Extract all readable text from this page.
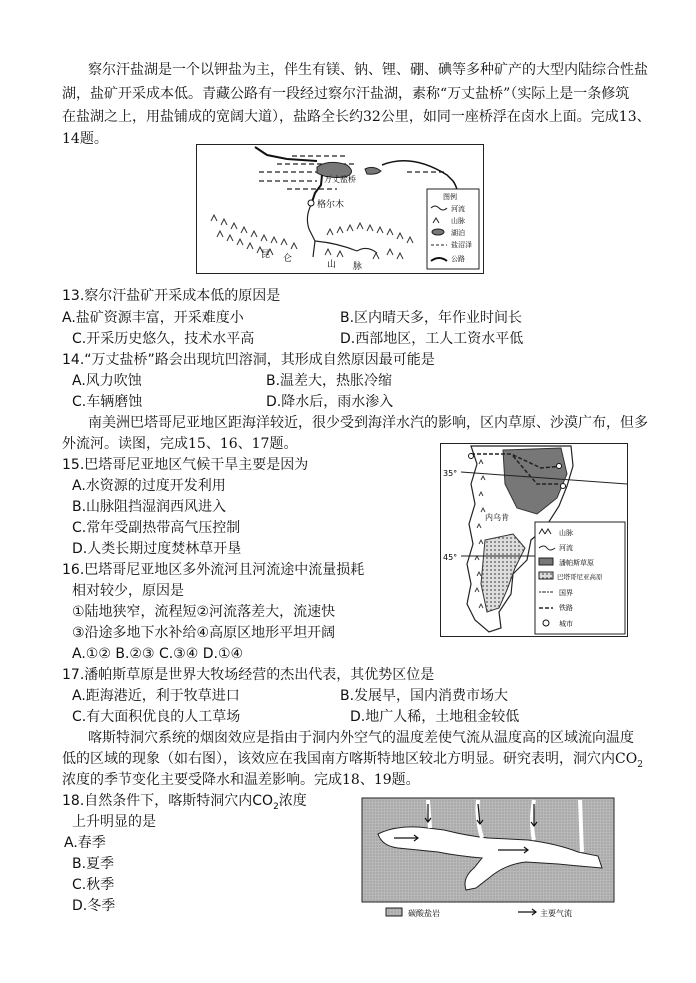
察尔汗盐湖是一个以钾盐为主，伴生有镁、钠、锂、硼、碘等多种矿产的大型内陆综合性盐
湖，盐矿开采成本低。青藏公路有一段经过察尔汗盐湖，素称“万丈盐桥”（实际上是一条修筑
在盐湖之上，用盐铺成的宽阔大道），盐路全长约32公里，如同一座桥浮在卤水上面。完成13、
14题。
格尔木
万丈盐桥
昆 仑
山 脉
图例
河流
山脉
湖泊
盐沼泽
公路
13.察尔汗盐矿开采成本低的原因是
A.盐矿资源丰富，开采难度小	B.区内晴天多，年作业时间长
C.开采历史悠久，技术水平高	D.西部地区，工人工资水平低
14.“万丈盐桥”路会出现坑凹溶洞，其形成自然原因最可能是
A.风力吹蚀	B.温差大，热胀冷缩
C.车辆磨蚀	D.降水后，雨水渗入
南美洲巴塔哥尼亚地区距海洋较近，很少受到海洋水汽的影响，区内草原、沙漠广布，但多
外流河。读图，完成15、16、17题。
35°
45°
内乌肯
山脉
河流
潘帕斯草原
巴塔哥尼亚高原
国界
铁路
城市
15.巴塔哥尼亚地区气候干旱主要是因为
A.水资源的过度开发利用
B.山脉阻挡湿润西风进入
C.常年受副热带高气压控制
D.人类长期过度焚林草开垦
16.巴塔哥尼亚地区多外流河且河流途中流量损耗
相对较少，原因是
①陆地狭窄，流程短②河流落差大，流速快
③沿途多地下水补给④高原区地形平坦开阔
A.①② B.②③ C.③④ D.①④
17.潘帕斯草原是世界大牧场经营的杰出代表，其优势区位是
A.距海港近，利于牧草进口	B.发展早，国内消费市场大
C.有大面积优良的人工草场	D.地广人稀，土地租金较低
喀斯特洞穴系统的烟囱效应是指由于洞内外空气的温度差使气流从温度高的区域流向温度
低的区域的现象（如右图），该效应在我国南方喀斯特地区较北方明显。研究表明，洞穴内$CO_2$
浓度的季节变化主要受降水和温差影响。完成18、19题。
18.自然条件下，喀斯特洞穴内$CO_2$浓度
上升明显的是
A.春季
B.夏季
C.秋季
D.冬季	碳酸盐岩	主要气流
